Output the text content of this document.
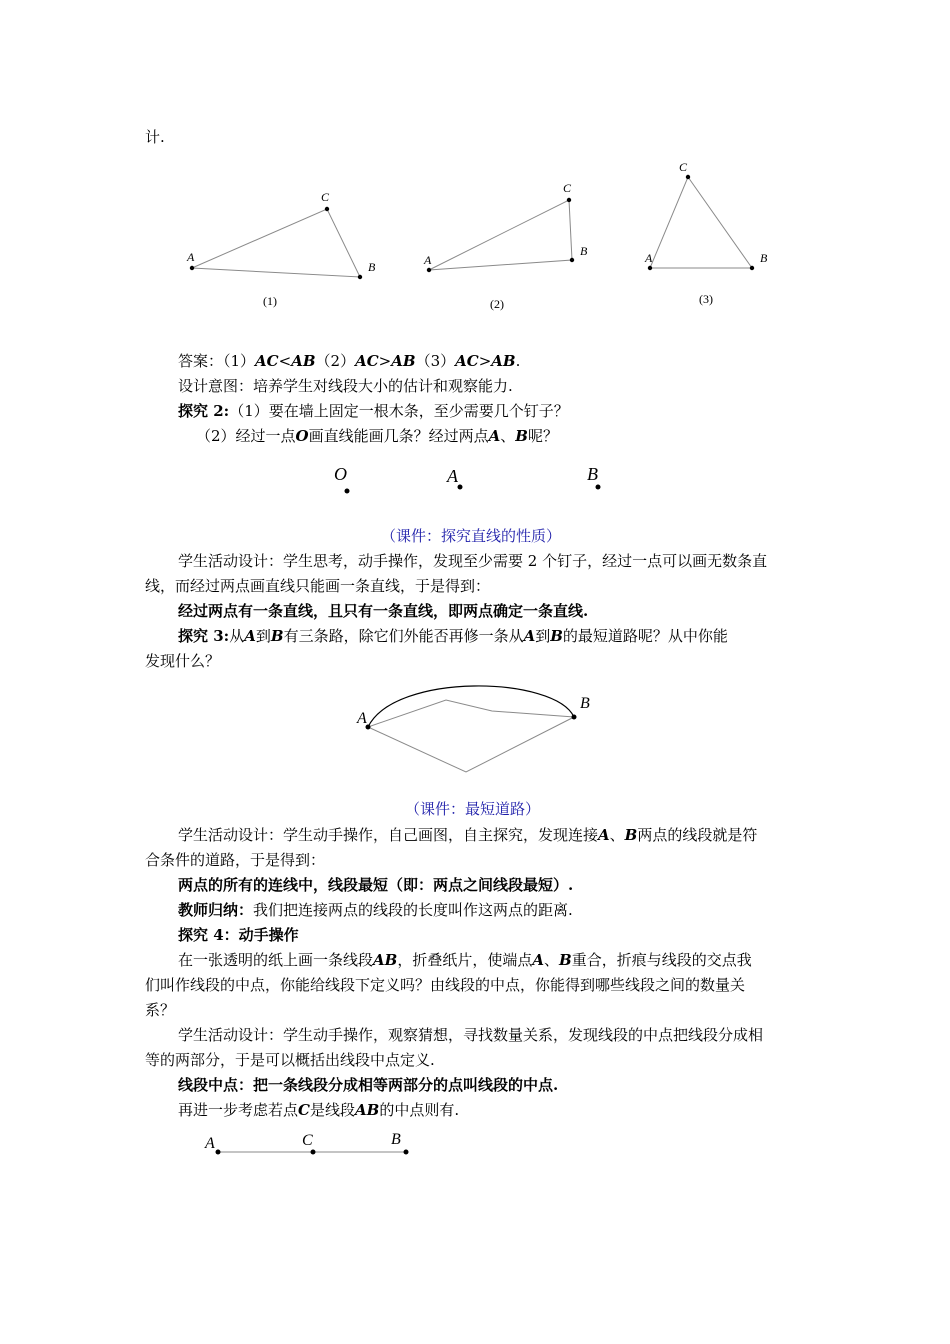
计.
A
B
C
(1)
A
B
C
(2)
A	B
C
(3)
答案：（1）AC<AB（2）AC>AB（3）AC>AB.
设计意图：培养学生对线段大小的估计和观察能力.
探究 2:（1）要在墙上固定一根木条，至少需要几个钉子？
（2）经过一点O画直线能画几条？经过两点A、B呢？
O	A	B
（课件：探究直线的性质）
学生活动设计：学生思考，动手操作，发现至少需要 2 个钉子，经过一点可以画无数条直
线，而经过两点画直线只能画一条直线，于是得到：
经过两点有一条直线，且只有一条直线，即两点确定一条直线.
探究 3:从A到B有三条路，除它们外能否再修一条从A到B的最短道路呢？从中你能
发现什么？
A
B
（课件：最短道路）
学生活动设计：学生动手操作，自己画图，自主探究，发现连接A、B两点的线段就是符
合条件的道路，于是得到：
两点的所有的连线中，线段最短（即：两点之间线段最短）.
教师归纳：我们把连接两点的线段的长度叫作这两点的距离.
探究 4：动手操作
在一张透明的纸上画一条线段AB，折叠纸片，使端点A、B重合，折痕与线段的交点我
们叫作线段的中点，你能给线段下定义吗？由线段的中点，你能得到哪些线段之间的数量关
系？
学生活动设计：学生动手操作，观察猜想，寻找数量关系，发现线段的中点把线段分成相
等的两部分，于是可以概括出线段中点定义.
线段中点：把一条线段分成相等两部分的点叫线段的中点.
再进一步考虑若点C是线段AB的中点则有.
A	C	B
